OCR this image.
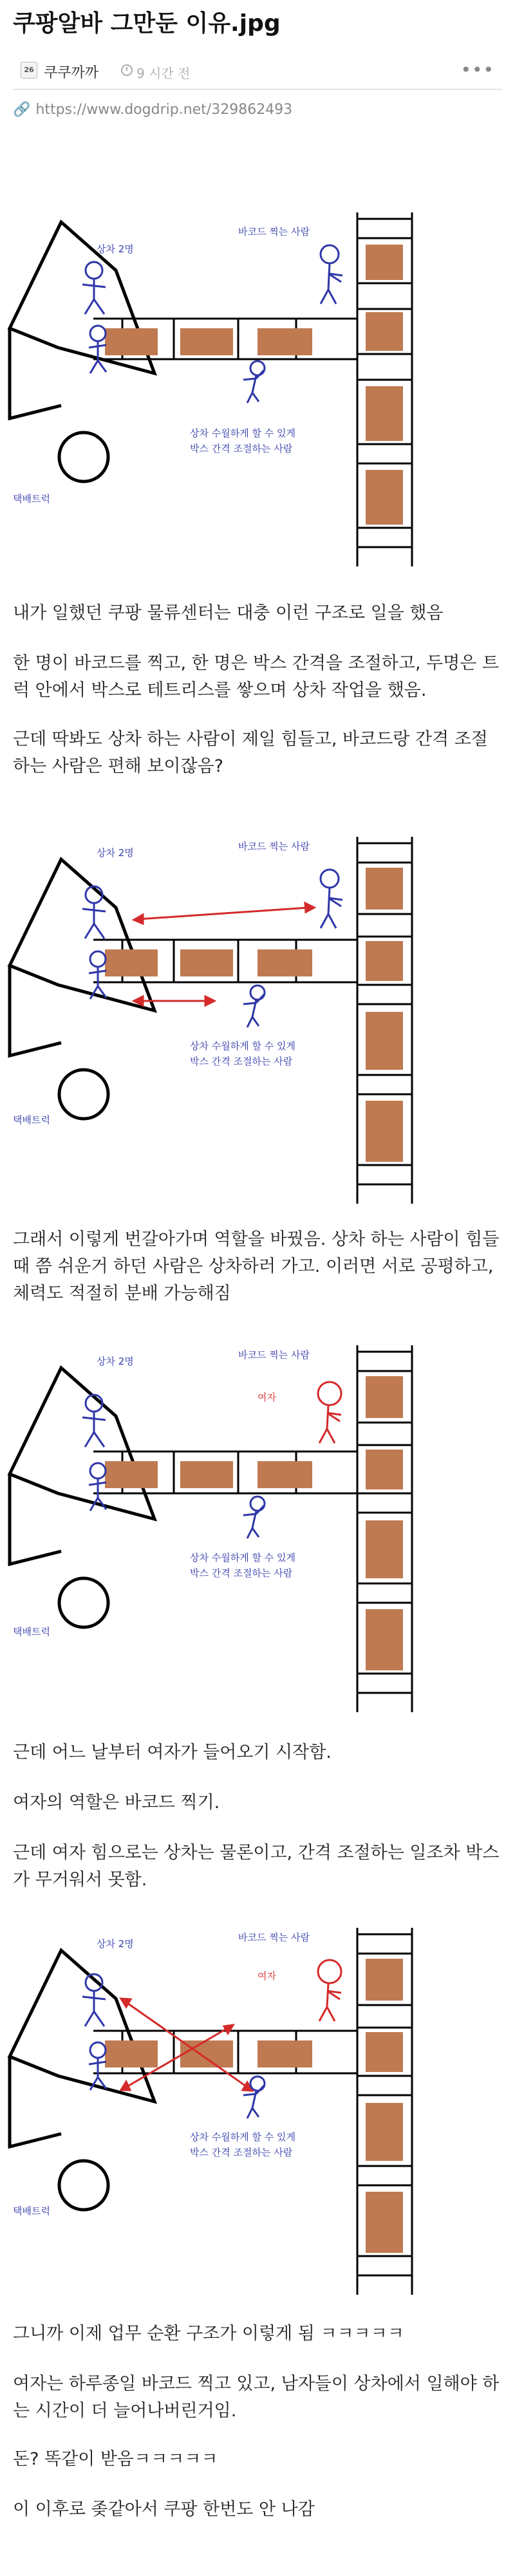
쿠팡알바 그만둔 이유.jpg
26 쿠쿠까까	9 시간 전	•••
🔗 https://www.dogdrip.net/329862493
상차 2명
바코드 찍는 사람
상차 수월하게 할 수 있게
박스 간격 조절하는 사람
택배트럭
내가 일했던 쿠팡 물류센터는 대충 이런 구조로 일을 했음
한 명이 바코드를 찍고, 한 명은 박스 간격을 조절하고, 두명은 트
럭 안에서 박스로 테트리스를 쌓으며 상차 작업을 했음.
근데 딱봐도 상차 하는 사람이 제일 힘들고, 바코드랑 간격 조절
하는 사람은 편해 보이잖음?
상차 2명
바코드 찍는 사람
상차 수월하게 할 수 있게
박스 간격 조절하는 사람
택배트럭
그래서 이렇게 번갈아가며 역할을 바꿨음. 상차 하는 사람이 힘들
때 쯤 쉬운거 하던 사람은 상차하러 가고. 이러면 서로 공평하고,
체력도 적절히 분배 가능해짐
상차 2명
바코드 찍는 사람
여자
상차 수월하게 할 수 있게
박스 간격 조절하는 사람
택배트럭
근데 어느 날부터 여자가 들어오기 시작함.
여자의 역할은 바코드 찍기.
근데 여자 힘으로는 상차는 물론이고, 간격 조절하는 일조차 박스
가 무거워서 못함.
상차 2명
바코드 찍는 사람
여자
상차 수월하게 할 수 있게
박스 간격 조절하는 사람
택배트럭
그니까 이제 업무 순환 구조가 이렇게 됨 ㅋㅋㅋㅋㅋ
여자는 하루종일 바코드 찍고 있고, 남자들이 상차에서 일해야 하
는 시간이 더 늘어나버린거임.
돈? 똑같이 받음ㅋㅋㅋㅋㅋ
이 이후로 좆같아서 쿠팡 한번도 안 나감
